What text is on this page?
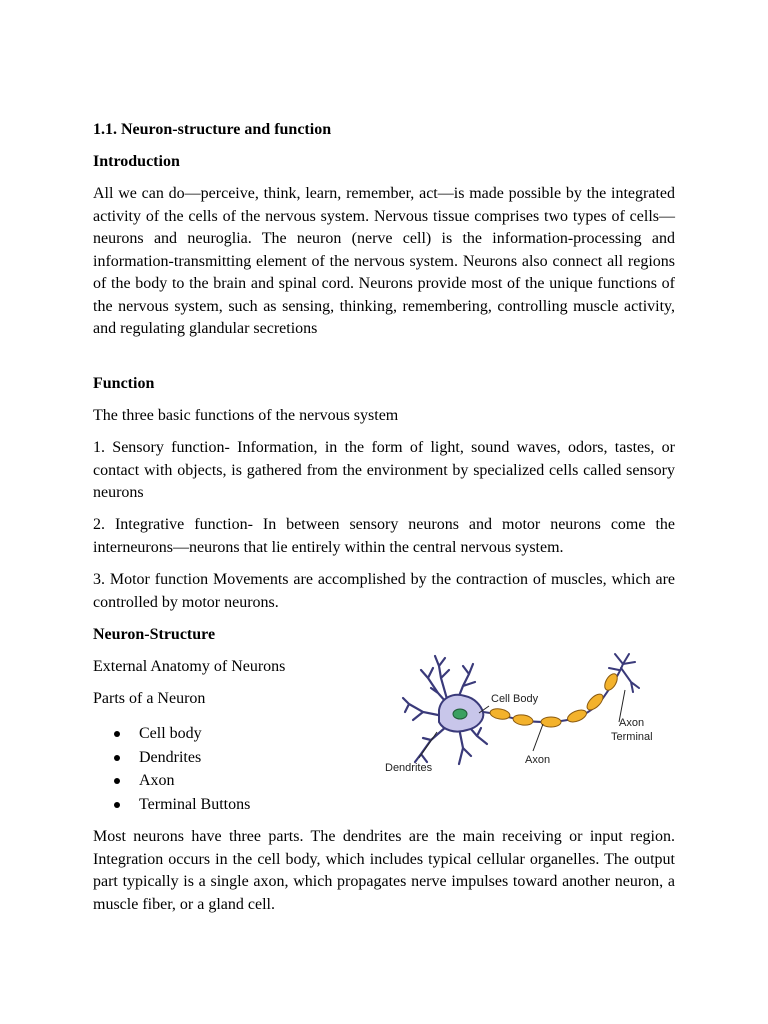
1.1. Neuron-structure and function
Introduction
All we can do—perceive, think, learn, remember, act—is made possible by the integrated activity of the cells of the nervous system. Nervous tissue comprises two types of cells—neurons and neuroglia. The neuron (nerve cell) is the information-processing and information-transmitting element of the nervous system. Neurons also connect all regions of the body to the brain and spinal cord. Neurons provide most of the unique functions of the nervous system, such as sensing, thinking, remembering, controlling muscle activity, and regulating glandular secretions
Function
The three basic functions of the nervous system
1. Sensory function- Information, in the form of light, sound waves, odors, tastes, or contact with objects, is gathered from the environment by specialized cells called sensory neurons
2. Integrative function- In between sensory neurons and motor neurons come the interneurons—neurons that lie entirely within the central nervous system.
3. Motor function Movements are accomplished by the contraction of muscles, which are controlled by motor neurons.
Neuron-Structure
External Anatomy of Neurons
Parts of a Neuron
Cell body
Dendrites
Axon
Terminal Buttons
Cell Body
Axon
Terminal
Dendrites
Axon
Most neurons have three parts. The dendrites are the main receiving or input region. Integration occurs in the cell body, which includes typical cellular organelles. The output part typically is a single axon, which propagates nerve impulses toward another neuron, a muscle fiber, or a gland cell.
